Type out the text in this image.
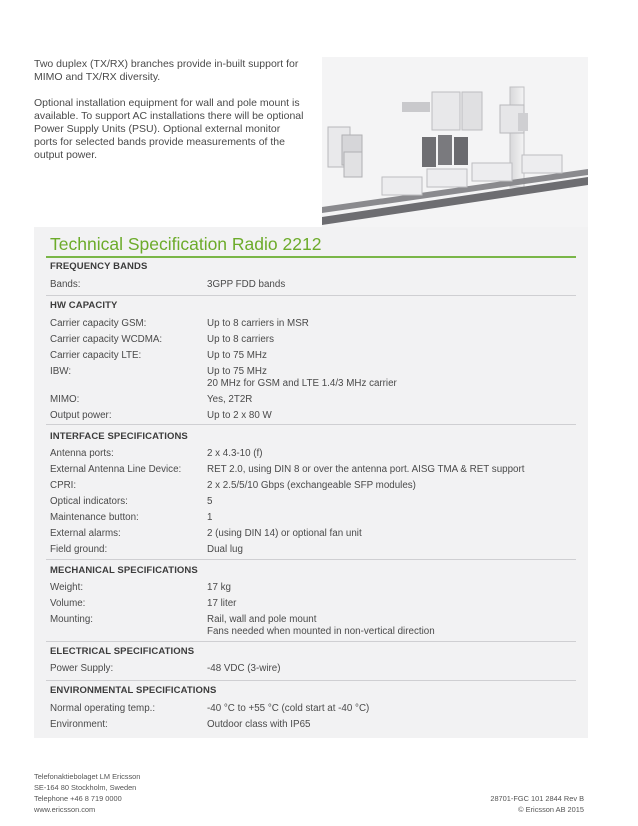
Two duplex (TX/RX) branches provide in-built support for
MIMO and TX/RX diversity.

Optional installation equipment for wall and pole mount is
available. To support AC installations there will be optional
Power Supply Units (PSU). Optional external monitor
ports for selected bands provide measurements of the
output power.

Technical Specification Radio 2212
FREQUENCY BANDS
Bands:	3GPP FDD bands
HW CAPACITY
Carrier capacity GSM:	Up to 8 carriers in MSR
Carrier capacity WCDMA:	Up to 8 carriers
Carrier capacity LTE:	Up to 75 MHz
IBW:	Up to 75 MHz
20 MHz for GSM and LTE 1.4/3 MHz carrier
MIMO:	Yes, 2T2R
Output power:	Up to 2 x 80 W
INTERFACE SPECIFICATIONS
Antenna ports:	2 x 4.3-10 (f)
External Antenna Line Device:	RET 2.0, using DIN 8 or over the antenna port. AISG TMA & RET support
CPRI:	2 x 2.5/5/10 Gbps (exchangeable SFP modules)
Optical indicators:	5
Maintenance button:	1
External alarms:	2 (using DIN 14) or optional fan unit
Field ground:	Dual lug
MECHANICAL SPECIFICATIONS
Weight:	17 kg
Volume:	17 liter
Mounting:	Rail, wall and pole mount
Fans needed when mounted in non-vertical direction
ELECTRICAL SPECIFICATIONS
Power Supply:	-48 VDC (3-wire)
ENVIRONMENTAL SPECIFICATIONS
Normal operating temp.:	-40 °C to +55 °C (cold start at -40 °C)
Environment:	Outdoor class with IP65
Telefonaktiebolaget LM Ericsson
SE-164 80 Stockholm, Sweden
Telephone +46 8 719 0000
www.ericsson.com
28701-FGC 101 2844 Rev B
© Ericsson AB 2015
